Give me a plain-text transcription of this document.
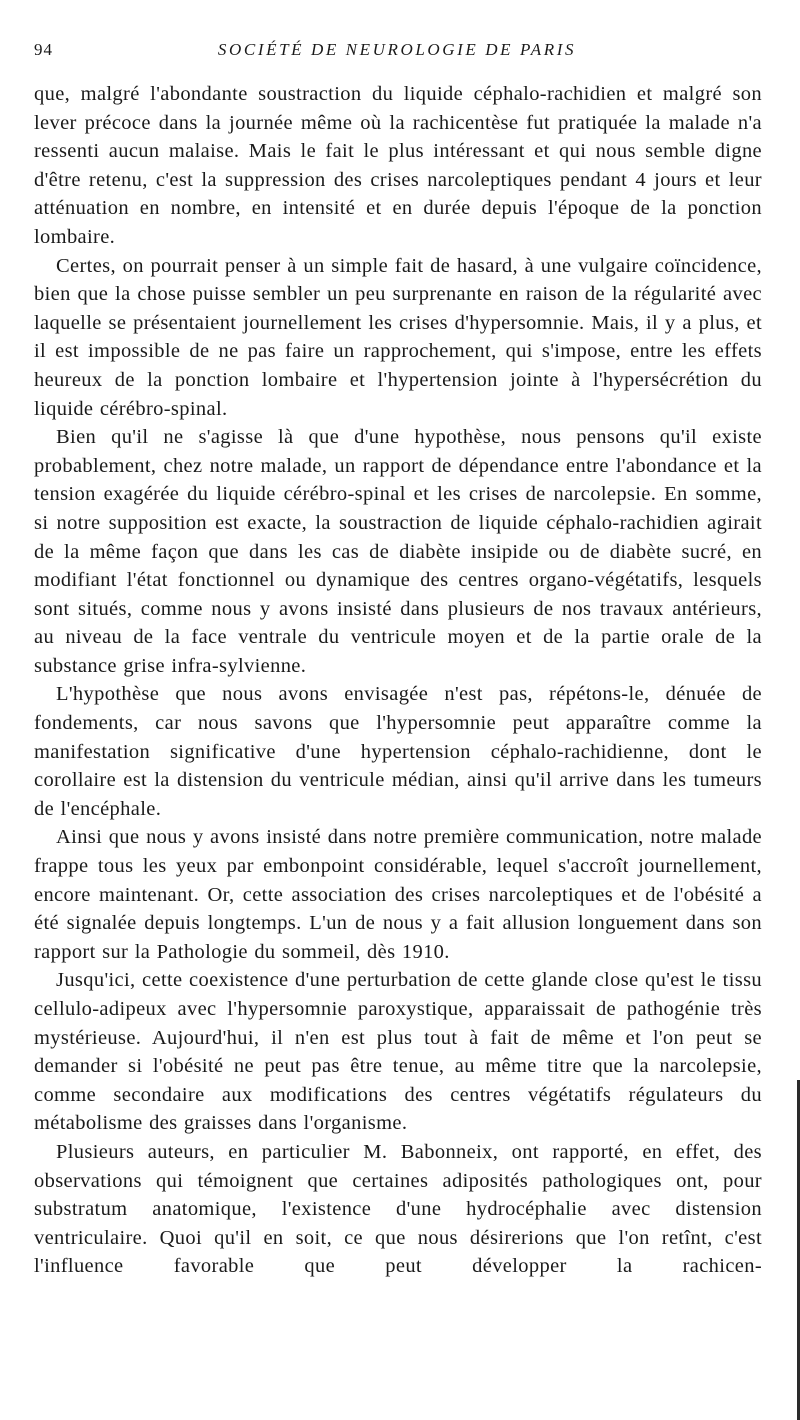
94	SOCIÉTÉ DE NEUROLOGIE DE PARIS

que, malgré l'abondante soustraction du liquide céphalo-rachidien et malgré son lever précoce dans la journée même où la rachicentèse fut pratiquée la malade n'a ressenti aucun malaise. Mais le fait le plus intéressant et qui nous semble digne d'être retenu, c'est la suppression des crises narcoleptiques pendant 4 jours et leur atténuation en nombre, en intensité et en durée depuis l'époque de la ponction lombaire.

Certes, on pourrait penser à un simple fait de hasard, à une vulgaire coïncidence, bien que la chose puisse sembler un peu surprenante en raison de la régularité avec laquelle se présentaient journellement les crises d'hypersomnie. Mais, il y a plus, et il est impossible de ne pas faire un rapprochement, qui s'impose, entre les effets heureux de la ponction lombaire et l'hypertension jointe à l'hypersécrétion du liquide cérébro-spinal.

Bien qu'il ne s'agisse là que d'une hypothèse, nous pensons qu'il existe probablement, chez notre malade, un rapport de dépendance entre l'abondance et la tension exagérée du liquide cérébro-spinal et les crises de narcolepsie. En somme, si notre supposition est exacte, la soustraction de liquide céphalo-rachidien agirait de la même façon que dans les cas de diabète insipide ou de diabète sucré, en modifiant l'état fonctionnel ou dynamique des centres organo-végétatifs, lesquels sont situés, comme nous y avons insisté dans plusieurs de nos travaux antérieurs, au niveau de la face ventrale du ventricule moyen et de la partie orale de la substance grise infra-sylvienne.

L'hypothèse que nous avons envisagée n'est pas, répétons-le, dénuée de fondements, car nous savons que l'hypersomnie peut apparaître comme la manifestation significative d'une hypertension céphalo-rachidienne, dont le corollaire est la distension du ventricule médian, ainsi qu'il arrive dans les tumeurs de l'encéphale.

Ainsi que nous y avons insisté dans notre première communication, notre malade frappe tous les yeux par embonpoint considérable, lequel s'accroît journellement, encore maintenant. Or, cette association des crises narcoleptiques et de l'obésité a été signalée depuis longtemps. L'un de nous y a fait allusion longuement dans son rapport sur la Pathologie du sommeil, dès 1910.

Jusqu'ici, cette coexistence d'une perturbation de cette glande close qu'est le tissu cellulo-adipeux avec l'hypersomnie paroxystique, apparaissait de pathogénie très mystérieuse. Aujourd'hui, il n'en est plus tout à fait de même et l'on peut se demander si l'obésité ne peut pas être tenue, au même titre que la narcolepsie, comme secondaire aux modifications des centres végétatifs régulateurs du métabolisme des graisses dans l'organisme.

Plusieurs auteurs, en particulier M. Babonneix, ont rapporté, en effet, des observations qui témoignent que certaines adiposités pathologiques ont, pour substratum anatomique, l'existence d'une hydrocéphalie avec distension ventriculaire. Quoi qu'il en soit, ce que nous désirerions que l'on retînt, c'est l'influence favorable que peut développer la rachicen-
